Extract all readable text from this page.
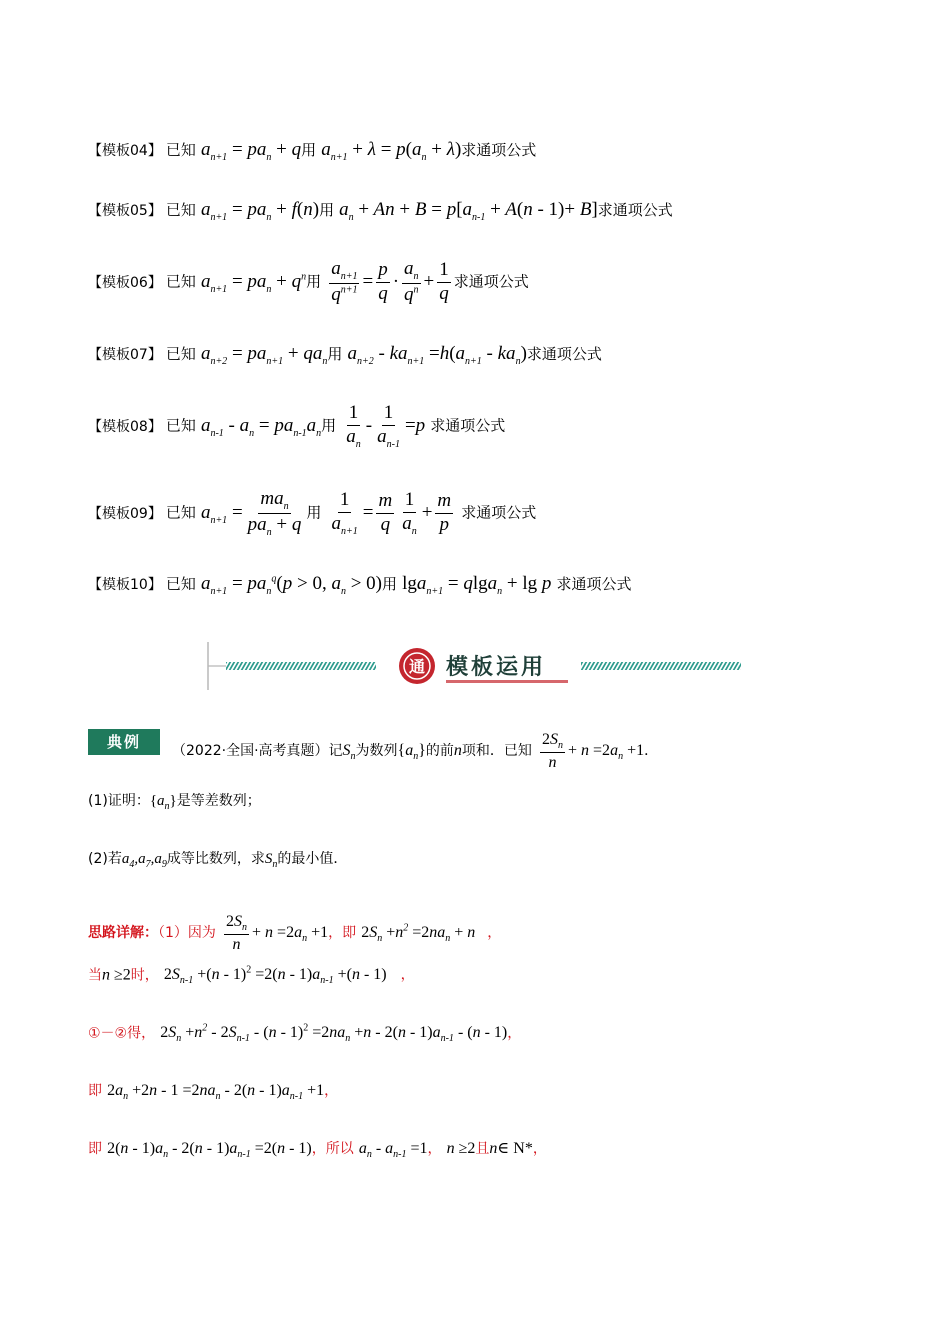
【模板04】 已知 $a_{n+1} = pa_n + q$用 $a_{n+1} + \lambda = p(a_n + \lambda)$求通项公式
【模板05】 已知 $a_{n+1} = pa_n + f(n)$用 $a_n + An + B = p[a_{n-1} + A(n - 1)+ B]$求通项公式
【模板06】 已知 $a_{n+1} = pa_n + q^n$用 $\frac{a_{n+1}}{q^{n+1}} = \frac{p}{q} \cdot \frac{a_n}{q^n} + \frac{1}{q}$ 求通项公式
【模板07】 已知 $a_{n+2} = pa_{n+1} + qa_n$用 $a_{n+2} - ka_{n+1} =h(a_{n+1} - ka_n)$求通项公式
【模板08】 已知 $a_{n-1} - a_n = pa_{n-1}a_n$用 $\frac{1}{a_n} - \frac{1}{a_{n-1}} =p$ 求通项公式
【模板09】 已知 $a_{n+1} = \frac{ma_n}{pa_n + q}$ 用 $\frac{1}{a_{n+1}} = \frac{m}{q} \frac{1}{a_n} + \frac{m}{p}$ 求通项公式
【模板10】 已知 $a_{n+1} = pa_n^q(p > 0$, $a_n > 0$)用 lga$_{n+1}$ = qlga$_n$ + lg p 求通项公式
通 模板运用
典例	（2022·全国·高考真题）记$S_n$为数列$\{a_n\}$的前n项和．已知 $\frac{2S_n}{n} + n =2a_n +1$．
(1)证明：$\{a_n\}$是等差数列；
(2)若$a_4,a_7,a_9$成等比数列，求$S_n$的最小值．
思路详解：（1）因为 $\frac{2S_n}{n} + n =2a_n +1$，即 $2S_n +n^2 =2na_n + n$ ，
当n ≥2时， $2S_{n-1} +(n - 1)^2 =2(n - 1)a_{n-1} +(n - 1)$ ，
①－②得， $2S_n +n^2 - 2S_{n-1} - (n - 1)^2 =2na_n +n - 2(n - 1)a_{n-1} - (n - 1)$，
即 $2a_n +2n - 1 =2na_n - 2(n - 1)a_{n-1} +1$，
即 $2(n - 1)a_n - 2(n - 1)a_{n-1} =2(n - 1)$，所以 $a_n - a_{n-1} =1$， n ≥2且n∈ N*，
